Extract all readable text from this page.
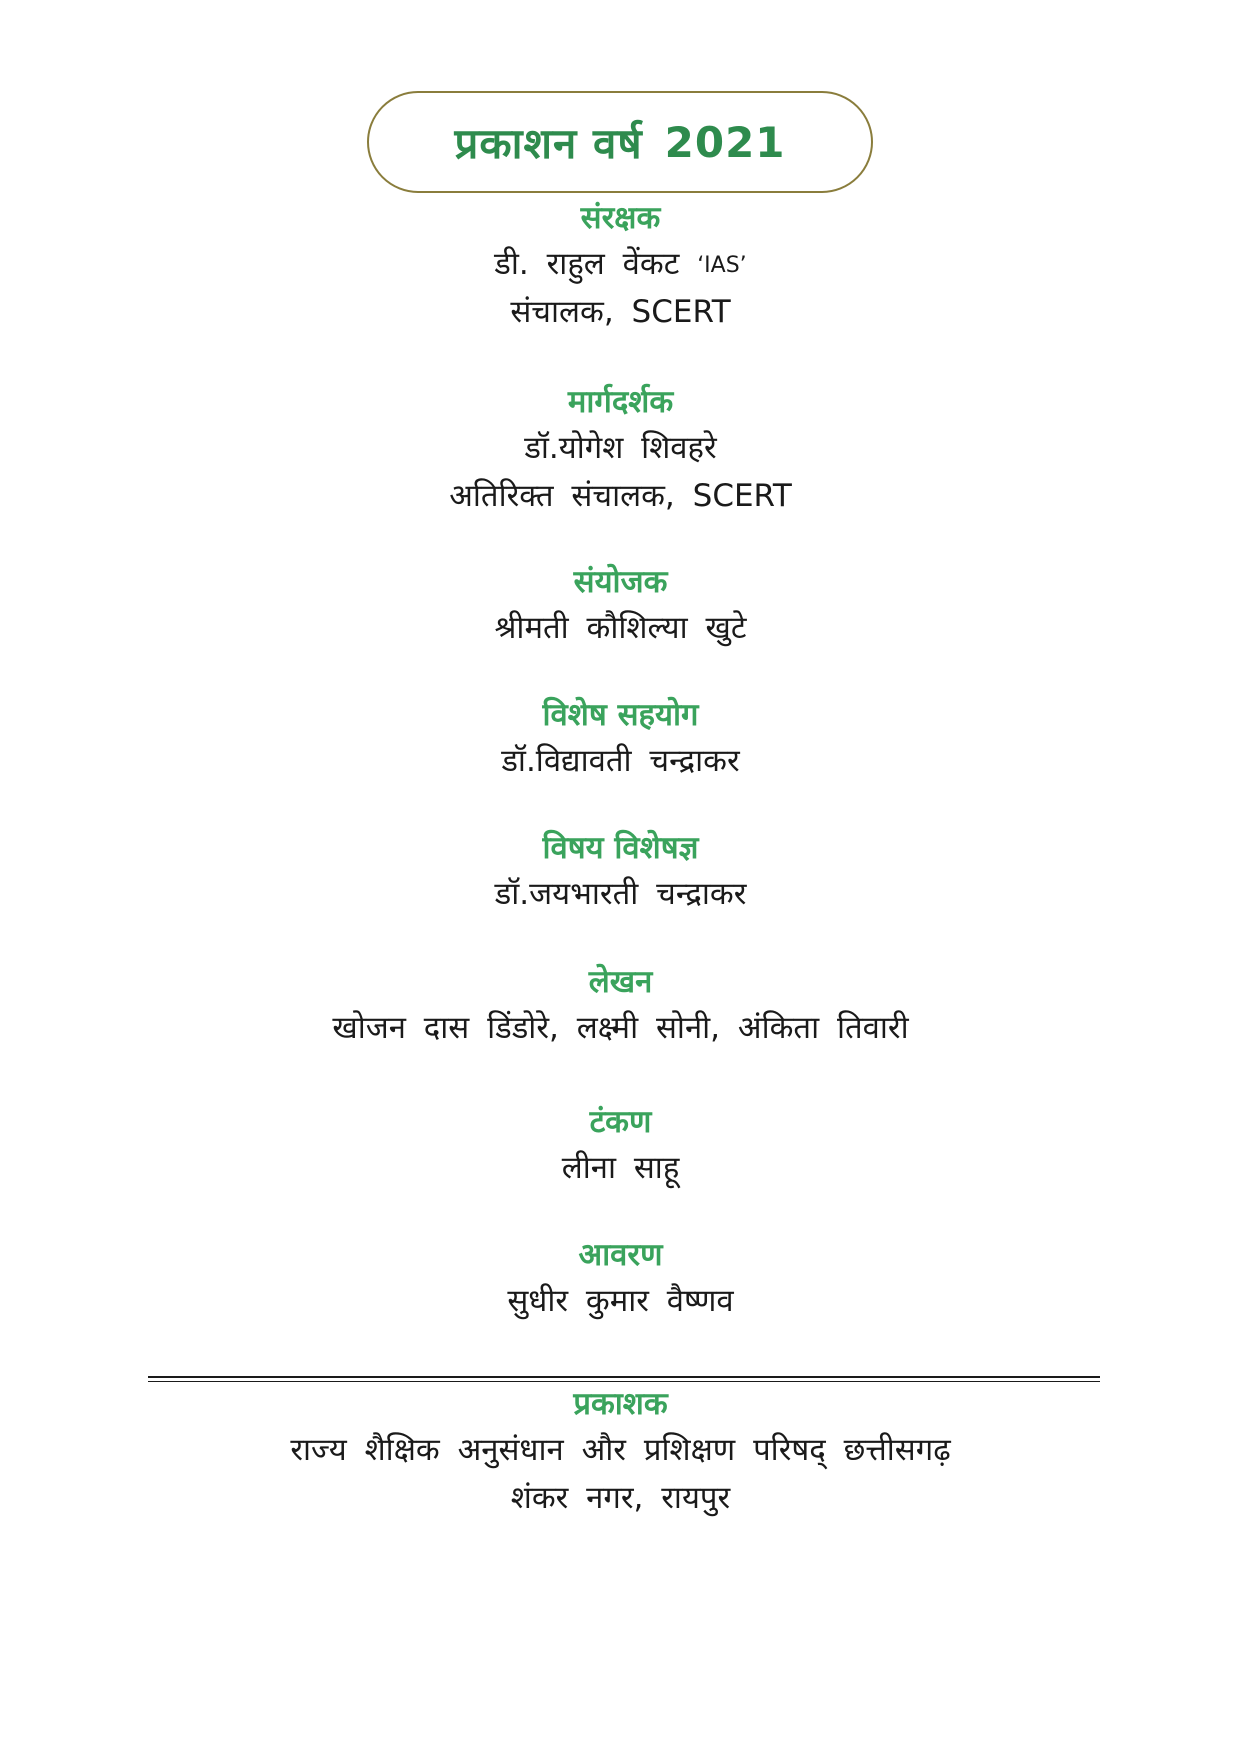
प्रकाशन वर्ष 2021
संरक्षक
डी. राहुल वेंकट ‘IAS’
संचालक, SCERT
मार्गदर्शक
डॉ.योगेश शिवहरे
अतिरिक्त संचालक, SCERT
संयोजक
श्रीमती कौशिल्या खुटे
विशेष सहयोग
डॉ.विद्यावती चन्द्राकर
विषय विशेषज्ञ
डॉ.जयभारती चन्द्राकर
लेखन
खोजन दास डिंडोरे, लक्ष्मी सोनी, अंकिता तिवारी
टंकण
लीना साहू
आवरण
सुधीर कुमार वैष्णव
प्रकाशक
राज्य शैक्षिक अनुसंधान और प्रशिक्षण परिषद् छत्तीसगढ़
शंकर नगर, रायपुर
